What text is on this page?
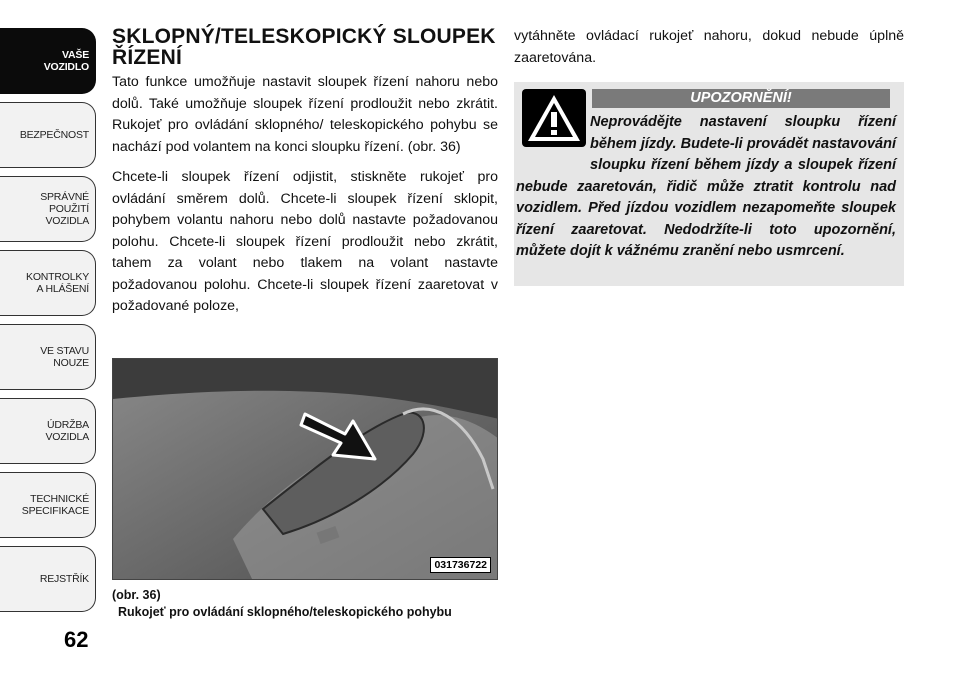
VAŠE
VOZIDLO
BEZPEČNOST
SPRÁVNÉ
POUŽITÍ
VOZIDLA
KONTROLKY
A HLÁŠENÍ
VE STAVU
NOUZE
ÚDRŽBA
VOZIDLA
TECHNICKÉ
SPECIFIKACE
REJSTŘÍK
62
SKLOPNÝ/TELESKOPICKÝ SLOUPEK ŘÍZENÍ

Tato funkce umožňuje nastavit sloupek řízení nahoru nebo dolů. Také umožňuje sloupek řízení prodloužit nebo zkrátit. Rukojeť pro ovládání sklopného/ teleskopického pohybu se nachází pod volantem na konci sloupku řízení. (obr. 36)

Chcete-li sloupek řízení odjistit, stiskněte rukojeť pro ovládání směrem dolů. Chcete-li sloupek řízení sklopit, pohybem volantu nahoru nebo dolů nastavte požadovanou polohu. Chcete-li sloupek řízení prodloužit nebo zkrátit, tahem za volant nebo tlakem na volant nastavte požadovanou polohu. Chcete-li sloupek řízení zaaretovat v požadované poloze,

031736722
(obr. 36)
Rukojeť pro ovládání sklopného/teleskopického pohybu

vytáhněte ovládací rukojeť nahoru, dokud nebude úplně zaaretována.

UPOZORNĚNÍ!
Neprovádějte nastavení sloupku řízení během jízdy. Budete-li provádět nastavování sloupku řízení během jízdy a sloupek řízení nebude zaaretován, řidič může ztratit kontrolu nad vozidlem. Před jízdou vozidlem nezapomeňte sloupek řízení zaaretovat. Nedodržíte-li toto upozornění, můžete dojít k vážnému zranění nebo usmrcení.
